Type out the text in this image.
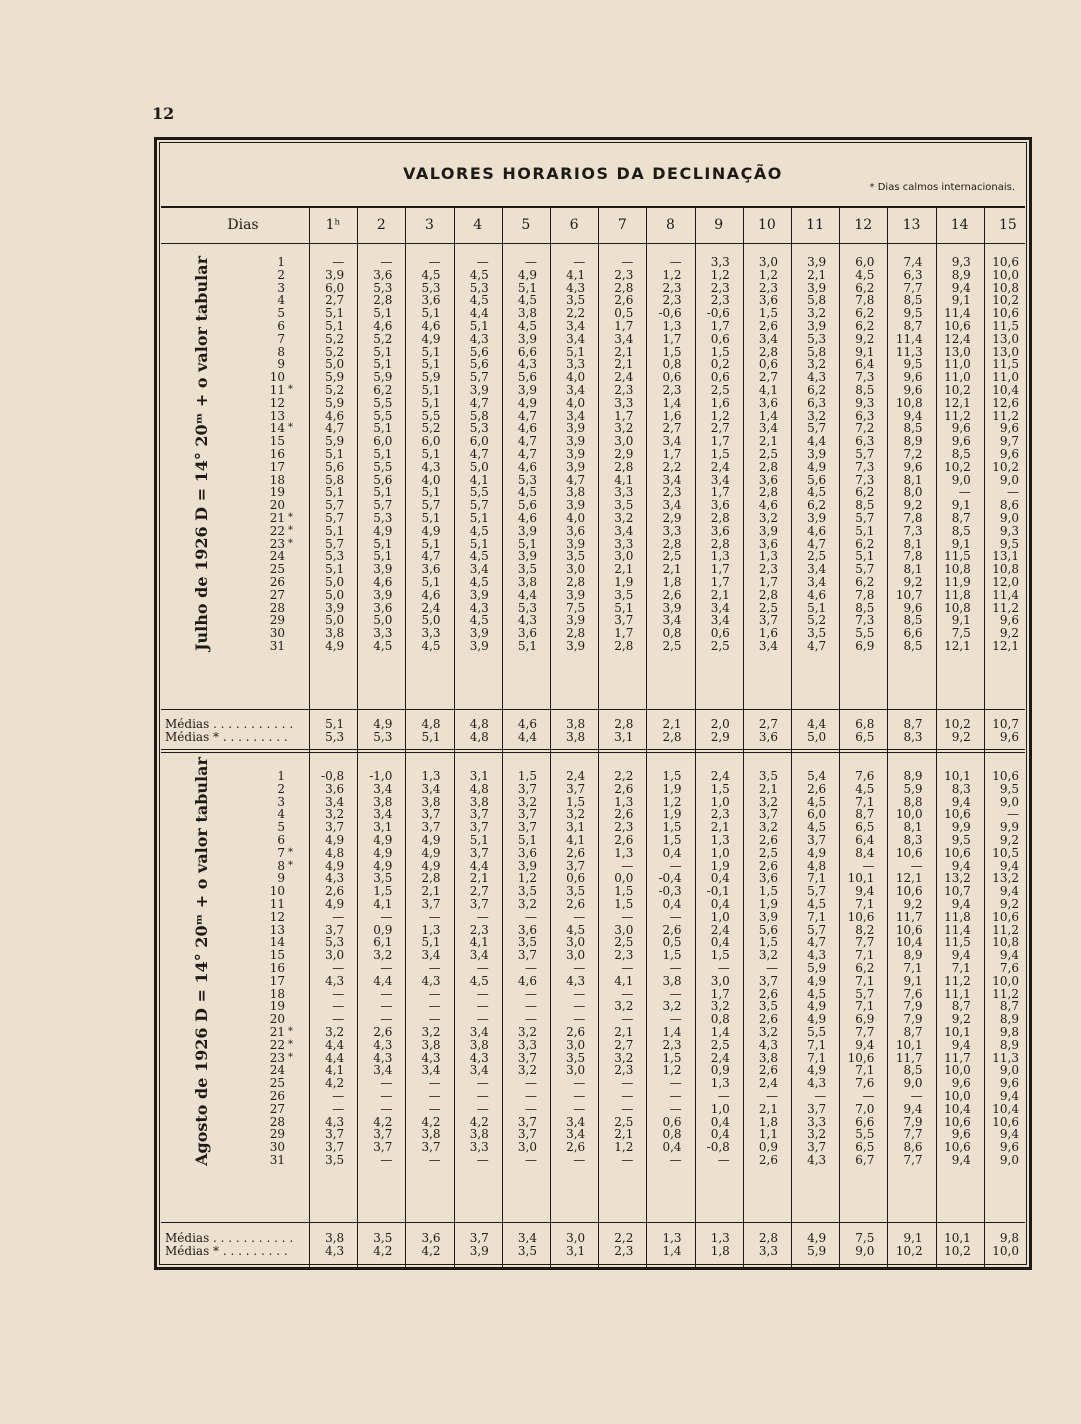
12
VALORES HORARIOS DA DECLINAÇÃO
* Dias calmos internacionais.
Dias	1ʰ	2	3	4	5	6	7	8	9	10	11	12	13	14	15
Julho de 1926 D = 14° 20ᵐ + o valor tabular	1	—	—	—	—	—	—	—	—	3,3	3,0	3,9	6,0	7,4	9,3	10,6
2	3,9	3,6	4,5	4,5	4,9	4,1	2,3	1,2	1,2	1,2	2,1	4,5	6,3	8,9	10,0
3	6,0	5,3	5,3	5,3	5,1	4,3	2,8	2,3	2,3	2,3	3,9	6,2	7,7	9,4	10,8
4	2,7	2,8	3,6	4,5	4,5	3,5	2,6	2,3	2,3	3,6	5,8	7,8	8,5	9,1	10,2
5	5,1	5,1	5,1	4,4	3,8	2,2	0,5	-0,6	-0,6	1,5	3,2	6,2	9,5	11,4	10,6
6	5,1	4,6	4,6	5,1	4,5	3,4	1,7	1,3	1,7	2,6	3,9	6,2	8,7	10,6	11,5
7	5,2	5,2	4,9	4,3	3,9	3,4	3,4	1,7	0,6	3,4	5,3	9,2	11,4	12,4	13,0
8	5,2	5,1	5,1	5,6	6,6	5,1	2,1	1,5	1,5	2,8	5,8	9,1	11,3	13,0	13,0
9	5,0	5,1	5,1	5,6	4,3	3,3	2,1	0,8	0,2	0,6	3,2	6,4	9,5	11,0	11,5
10	5,9	5,9	5,9	5,7	5,6	4,0	2,4	0,6	0,6	2,7	4,3	7,3	9,6	11,0	11,0
11 *	5,2	6,2	5,1	3,9	3,9	3,4	2,3	2,3	2,5	4,1	6,2	8,5	9,6	10,2	10,4
12	5,9	5,5	5,1	4,7	4,9	4,0	3,3	1,4	1,6	3,6	6,3	9,3	10,8	12,1	12,6
13	4,6	5,5	5,5	5,8	4,7	3,4	1,7	1,6	1,2	1,4	3,2	6,3	9,4	11,2	11,2
14 *	4,7	5,1	5,2	5,3	4,6	3,9	3,2	2,7	2,7	3,4	5,7	7,2	8,5	9,6	9,6
15	5,9	6,0	6,0	6,0	4,7	3,9	3,0	3,4	1,7	2,1	4,4	6,3	8,9	9,6	9,7
16	5,1	5,1	5,1	4,7	4,7	3,9	2,9	1,7	1,5	2,5	3,9	5,7	7,2	8,5	9,6
17	5,6	5,5	4,3	5,0	4,6	3,9	2,8	2,2	2,4	2,8	4,9	7,3	9,6	10,2	10,2
18	5,8	5,6	4,0	4,1	5,3	4,7	4,1	3,4	3,4	3,6	5,6	7,3	8,1	9,0	9,0
19	5,1	5,1	5,1	5,5	4,5	3,8	3,3	2,3	1,7	2,8	4,5	6,2	8,0	—	—
20	5,7	5,7	5,7	5,7	5,6	3,9	3,5	3,4	3,6	4,6	6,2	8,5	9,2	9,1	8,6
21 *	5,7	5,3	5,1	5,1	4,6	4,0	3,2	2,9	2,8	3,2	3,9	5,7	7,8	8,7	9,0
22 *	5,1	4,9	4,9	4,5	3,9	3,6	3,4	3,3	3,6	3,9	4,6	5,1	7,3	8,5	9,3
23 *	5,7	5,1	5,1	5,1	5,1	3,9	3,3	2,8	2,8	3,6	4,7	6,2	8,1	9,1	9,5
24	5,3	5,1	4,7	4,5	3,9	3,5	3,0	2,5	1,3	1,3	2,5	5,1	7,8	11,5	13,1
25	5,1	3,9	3,6	3,4	3,5	3,0	2,1	2,1	1,7	2,3	3,4	5,7	8,1	10,8	10,8
26	5,0	4,6	5,1	4,5	3,8	2,8	1,9	1,8	1,7	1,7	3,4	6,2	9,2	11,9	12,0
27	5,0	3,9	4,6	3,9	4,4	3,9	3,5	2,6	2,1	2,8	4,6	7,8	10,7	11,8	11,4
28	3,9	3,6	2,4	4,3	5,3	7,5	5,1	3,9	3,4	2,5	5,1	8,5	9,6	10,8	11,2
29	5,0	5,0	5,0	4,5	4,3	3,9	3,7	3,4	3,4	3,7	5,2	7,3	8,5	9,1	9,6
30	3,8	3,3	3,3	3,9	3,6	2,8	1,7	0,8	0,6	1,6	3,5	5,5	6,6	7,5	9,2
31	4,9	4,5	4,5	3,9	5,1	3,9	2,8	2,5	2,5	3,4	4,7	6,9	8,5	12,1	12,1
Médias . . . . . . . . . . .	5,1	4,9	4,8	4,8	4,6	3,8	2,8	2,1	2,0	2,7	4,4	6,8	8,7	10,2	10,7
Médias * . . . . . . . . .	5,3	5,3	5,1	4,8	4,4	3,8	3,1	2,8	2,9	3,6	5,0	6,5	8,3	9,2	9,6
Agosto de 1926 D = 14° 20ᵐ + o valor tabular	1	-0,8	-1,0	1,3	3,1	1,5	2,4	2,2	1,5	2,4	3,5	5,4	7,6	8,9	10,1	10,6
2	3,6	3,4	3,4	4,8	3,7	3,7	2,6	1,9	1,5	2,1	2,6	4,5	5,9	8,3	9,5
3	3,4	3,8	3,8	3,8	3,2	1,5	1,3	1,2	1,0	3,2	4,5	7,1	8,8	9,4	9,0
4	3,2	3,4	3,7	3,7	3,7	3,2	2,6	1,9	2,3	3,7	6,0	8,7	10,0	10,6	—
5	3,7	3,1	3,7	3,7	3,7	3,1	2,3	1,5	2,1	3,2	4,5	6,5	8,1	9,9	9,9
6	4,9	4,9	4,9	5,1	5,1	4,1	2,6	1,5	1,3	2,6	3,7	6,4	8,3	9,5	9,2
7 *	4,8	4,9	4,9	3,7	3,6	2,6	1,3	0,4	1,0	2,5	4,9	8,4	10,6	10,6	10,5
8 *	4,9	4,9	4,9	4,4	3,9	3,7	—	—	1,9	2,6	4,8	—	—	9,4	9,4
9	4,3	3,5	2,8	2,1	1,2	0,6	0,0	-0,4	0,4	3,6	7,1	10,1	12,1	13,2	13,2
10	2,6	1,5	2,1	2,7	3,5	3,5	1,5	-0,3	-0,1	1,5	5,7	9,4	10,6	10,7	9,4
11	4,9	4,1	3,7	3,7	3,2	2,6	1,5	0,4	0,4	1,9	4,5	7,1	9,2	9,4	9,2
12	—	—	—	—	—	—	—	—	1,0	3,9	7,1	10,6	11,7	11,8	10,6
13	3,7	0,9	1,3	2,3	3,6	4,5	3,0	2,6	2,4	5,6	5,7	8,2	10,6	11,4	11,2
14	5,3	6,1	5,1	4,1	3,5	3,0	2,5	0,5	0,4	1,5	4,7	7,7	10,4	11,5	10,8
15	3,0	3,2	3,4	3,4	3,7	3,0	2,3	1,5	1,5	3,2	4,3	7,1	8,9	9,4	9,4
16	—	—	—	—	—	—	—	—	—	—	5,9	6,2	7,1	7,1	7,6
17	4,3	4,4	4,3	4,5	4,6	4,3	4,1	3,8	3,0	3,7	4,9	7,1	9,1	11,2	10,0
18	—	—	—	—	—	—	—	—	1,7	2,6	4,5	5,7	7,6	11,1	11,2
19	—	—	—	—	—	—	3,2	3,2	3,2	3,5	4,9	7,1	7,9	8,7	8,7
20	—	—	—	—	—	—	—	—	0,8	2,6	4,9	6,9	7,9	9,2	8,9
21 *	3,2	2,6	3,2	3,4	3,2	2,6	2,1	1,4	1,4	3,2	5,5	7,7	8,7	10,1	9,8
22 *	4,4	4,3	3,8	3,8	3,3	3,0	2,7	2,3	2,5	4,3	7,1	9,4	10,1	9,4	8,9
23 *	4,4	4,3	4,3	4,3	3,7	3,5	3,2	1,5	2,4	3,8	7,1	10,6	11,7	11,7	11,3
24	4,1	3,4	3,4	3,4	3,2	3,0	2,3	1,2	0,9	2,6	4,9	7,1	8,5	10,0	9,0
25	4,2	—	—	—	—	—	—	—	1,3	2,4	4,3	7,6	9,0	9,6	9,6
26	—	—	—	—	—	—	—	—	—	—	—	—	—	10,0	9,4
27	—	—	—	—	—	—	—	—	1,0	2,1	3,7	7,0	9,4	10,4	10,4
28	4,3	4,2	4,2	4,2	3,7	3,4	2,5	0,6	0,4	1,8	3,3	6,6	7,9	10,6	10,6
29	3,7	3,7	3,8	3,8	3,7	3,4	2,1	0,8	0,4	1,1	3,2	5,5	7,7	9,6	9,4
30	3,7	3,7	3,7	3,3	3,0	2,6	1,2	0,4	-0,8	0,9	3,7	6,5	8,6	10,6	9,6
31	3,5	—	—	—	—	—	—	—	—	2,6	4,3	6,7	7,7	9,4	9,0
Médias . . . . . . . . . . .	3,8	3,5	3,6	3,7	3,4	3,0	2,2	1,3	1,3	2,8	4,9	7,5	9,1	10,1	9,8
Médias * . . . . . . . . .	4,3	4,2	4,2	3,9	3,5	3,1	2,3	1,4	1,8	3,3	5,9	9,0	10,2	10,2	10,0
